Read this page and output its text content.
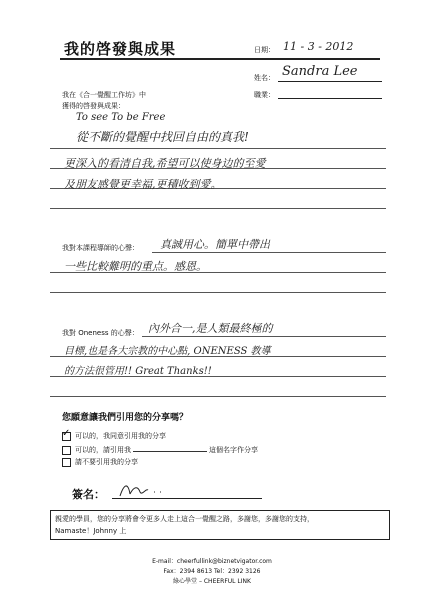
我的啓發與成果	日期： 11 - 3 - 2012
姓名： Sandra Lee
職業：
我在《合一覺醒工作坊》中
獲得的啓發與成果：
To see To be Free
從不斷的覺醒中找回自由的真我!
更深入的看清自我,希望可以使身边的至愛
及朋友感覺更幸福,更積收到愛。
我對本課程導師的心聲： 真誠用心。簡單中帶出
一些比較難明的重点。感恩。
我對 Oneness 的心聲： 內外合一,是人類最終極的
目標,也是各大宗教的中心點, ONENESS 教導
的方法很管用!! Great Thanks!!
您願意讓我們引用您的分享嗎？
✓ 可以的，我同意引用我的分享
可以的，請引用我	這個名字作分享
請不要引用我的分享
簽名：
親愛的學員，您的分享將會令更多人走上這合一覺醒之路，多謝您，多謝您的支持，
Namaste！Johnny 上
E-mail：cheerfullink@biznetvigator.com
Fax：2394 8613 Tel：2392 3126
綠心學堂 – CHEERFUL LINK
